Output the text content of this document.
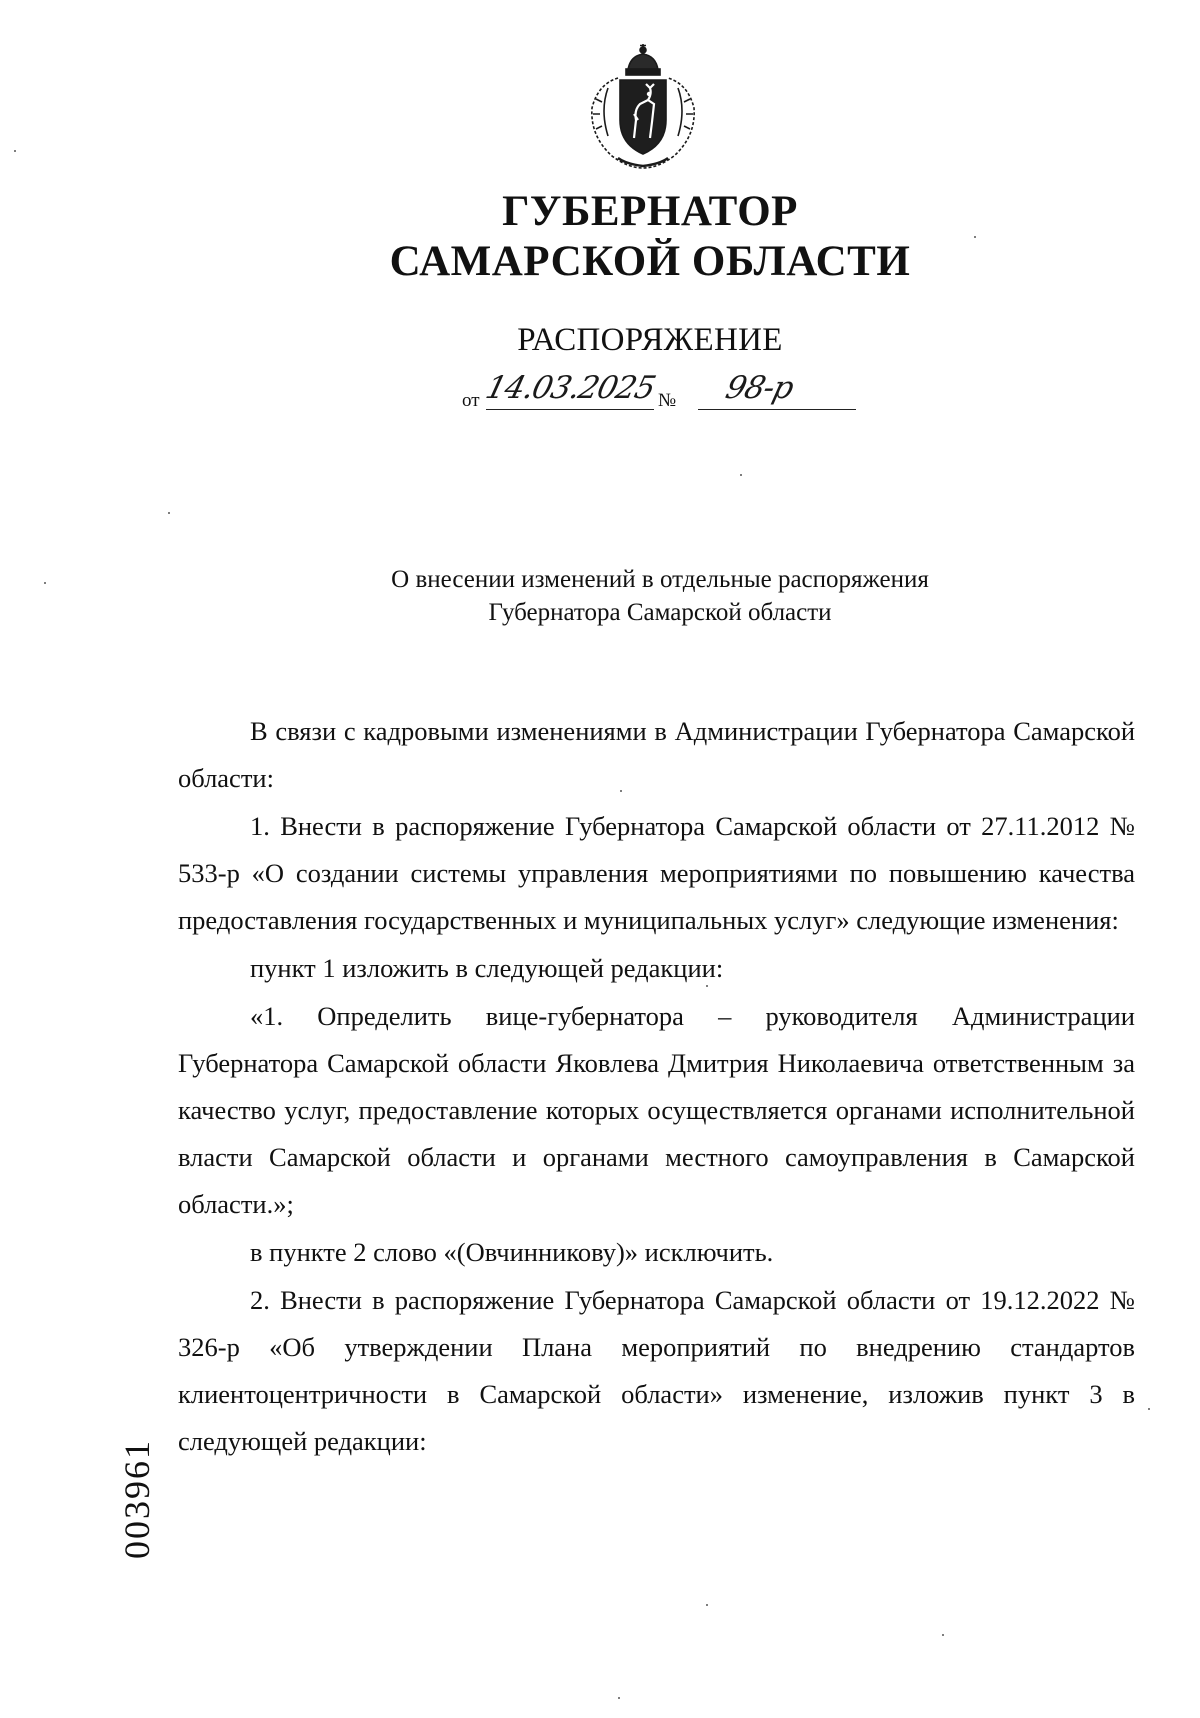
ГУБЕРНАТОР
САМАРСКОЙ ОБЛАСТИ
РАСПОРЯЖЕНИЕ
от 14.03.2025 № 98-р
О внесении изменений в отдельные распоряжения
Губернатора Самарской области

В связи с кадровыми изменениями в Администрации Губернатора Самарской области:

1. Внести в распоряжение Губернатора Самарской области от 27.11.2012 № 533-р «О создании системы управления мероприятиями по повышению качества предоставления государственных и муниципальных услуг» следующие изменения:

пункт 1 изложить в следующей редакции:

«1. Определить вице-губернатора – руководителя Администрации Губернатора Самарской области Яковлева Дмитрия Николаевича ответственным за качество услуг, предоставление которых осуществляется органами исполнительной власти Самарской области и органами местного самоуправления в Самарской области.»;

в пункте 2 слово «(Овчинникову)» исключить.

2. Внести в распоряжение Губернатора Самарской области от 19.12.2022 № 326-р «Об утверждении Плана мероприятий по внедрению стандартов клиентоцентричности в Самарской области» изменение, изложив пункт 3 в следующей редакции:

003961
